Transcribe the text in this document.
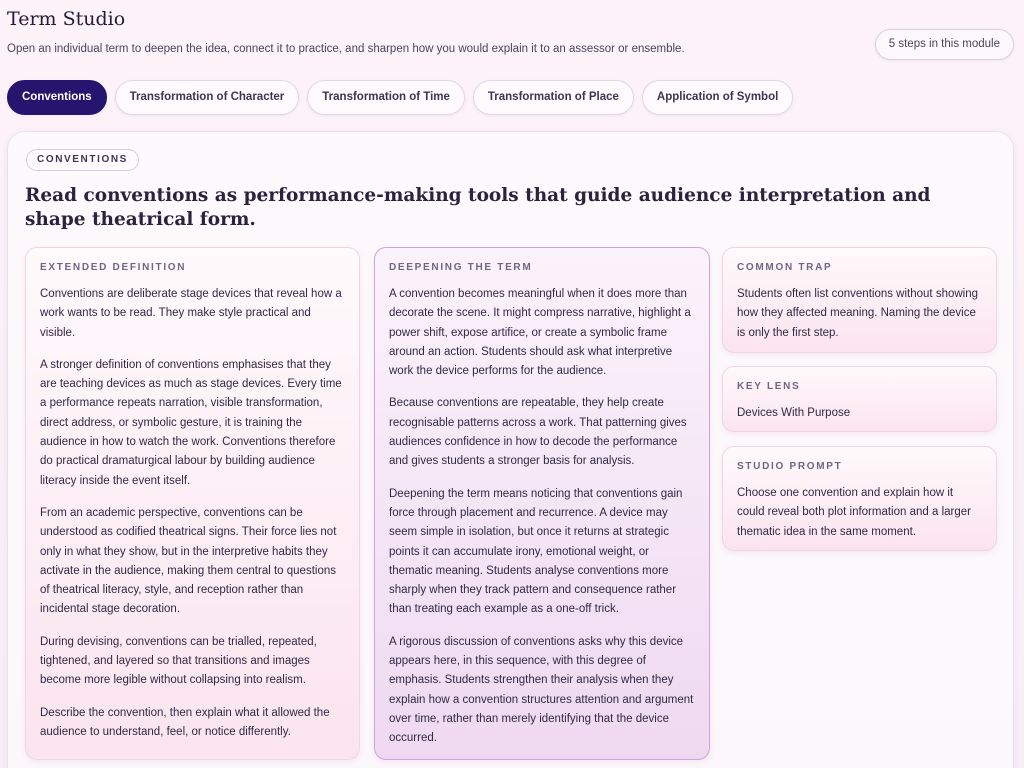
Term Studio
Open an individual term to deepen the idea, connect it to practice, and sharpen how you would explain it to an assessor or ensemble.	5 steps in this module
Conventions	Transformation of Character	Transformation of Time	Transformation of Place	Application of Symbol
CONVENTIONS
Read conventions as performance-making tools that guide audience interpretation and shape theatrical form.
EXTENDED DEFINITION

Conventions are deliberate stage devices that reveal how a work wants to be read. They make style practical and visible.

A stronger definition of conventions emphasises that they are teaching devices as much as stage devices. Every time a performance repeats narration, visible transformation, direct address, or symbolic gesture, it is training the audience in how to watch the work. Conventions therefore do practical dramaturgical labour by building audience literacy inside the event itself.

From an academic perspective, conventions can be understood as codified theatrical signs. Their force lies not only in what they show, but in the interpretive habits they activate in the audience, making them central to questions of theatrical literacy, style, and reception rather than incidental stage decoration.

During devising, conventions can be trialled, repeated, tightened, and layered so that transitions and images become more legible without collapsing into realism.

Describe the convention, then explain what it allowed the audience to understand, feel, or notice differently.

DEEPENING THE TERM

A convention becomes meaningful when it does more than decorate the scene. It might compress narrative, highlight a power shift, expose artifice, or create a symbolic frame around an action. Students should ask what interpretive work the device performs for the audience.

Because conventions are repeatable, they help create recognisable patterns across a work. That patterning gives audiences confidence in how to decode the performance and gives students a stronger basis for analysis.

Deepening the term means noticing that conventions gain force through placement and recurrence. A device may seem simple in isolation, but once it returns at strategic points it can accumulate irony, emotional weight, or thematic meaning. Students analyse conventions more sharply when they track pattern and consequence rather than treating each example as a one-off trick.

A rigorous discussion of conventions asks why this device appears here, in this sequence, with this degree of emphasis. Students strengthen their analysis when they explain how a convention structures attention and argument over time, rather than merely identifying that the device occurred.

COMMON TRAP

Students often list conventions without showing how they affected meaning. Naming the device is only the first step.

KEY LENS

Devices With Purpose

STUDIO PROMPT

Choose one convention and explain how it could reveal both plot information and a larger thematic idea in the same moment.
